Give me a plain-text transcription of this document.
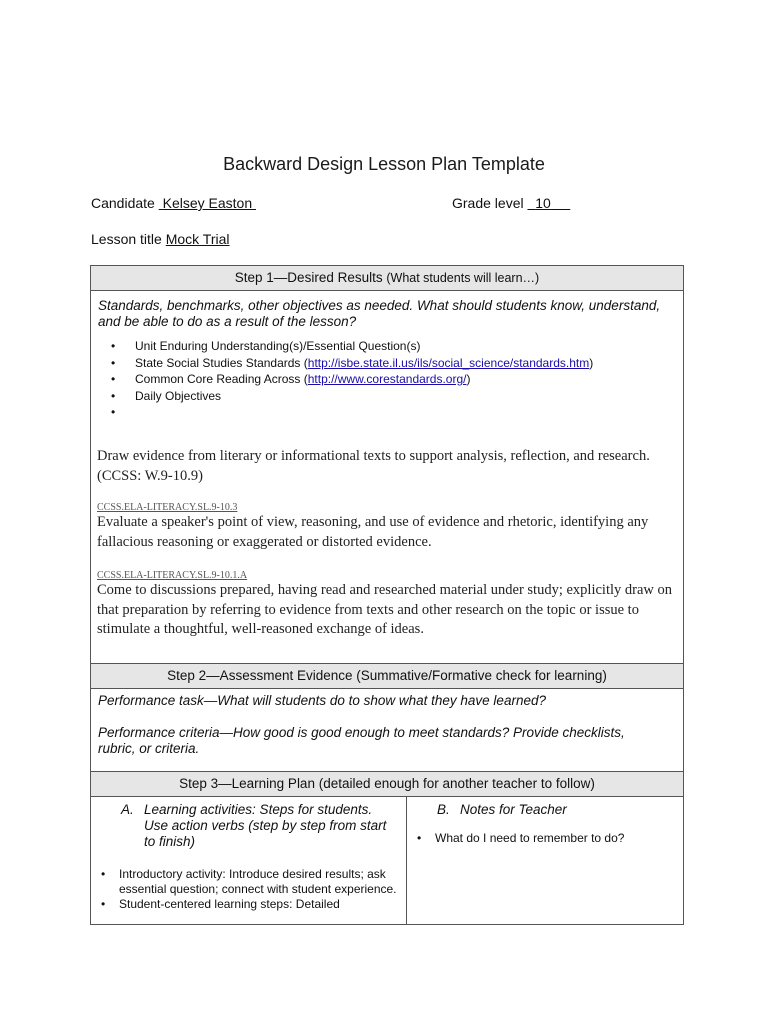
Backward Design Lesson Plan Template
Candidate Kelsey Easton	Grade level 10
Lesson title Mock Trial
Step 1—Desired Results (What students will learn…)
Standards, benchmarks, other objectives as needed. What should students know, understand, and be able to do as a result of the lesson?
• Unit Enduring Understanding(s)/Essential Question(s)
• State Social Studies Standards (http://isbe.state.il.us/ils/social_science/standards.htm)
• Common Core Reading Across (http://www.corestandards.org/)
• Daily Objectives
•
Draw evidence from literary or informational texts to support analysis, reflection, and research. (CCSS: W.9-10.9)
CCSS.ELA-LITERACY.SL.9-10.3
Evaluate a speaker's point of view, reasoning, and use of evidence and rhetoric, identifying any fallacious reasoning or exaggerated or distorted evidence.
CCSS.ELA-LITERACY.SL.9-10.1.A
Come to discussions prepared, having read and researched material under study; explicitly draw on that preparation by referring to evidence from texts and other research on the topic or issue to stimulate a thoughtful, well-reasoned exchange of ideas.
Step 2—Assessment Evidence (Summative/Formative check for learning)
Performance task—What will students do to show what they have learned?
Performance criteria—How good is good enough to meet standards? Provide checklists, rubric, or criteria.
Step 3—Learning Plan (detailed enough for another teacher to follow)
A. Learning activities: Steps for students. Use action verbs (step by step from start to finish)
• Introductory activity: Introduce desired results; ask essential question; connect with student experience.
• Student-centered learning steps: Detailed
B. Notes for Teacher
• What do I need to remember to do?
